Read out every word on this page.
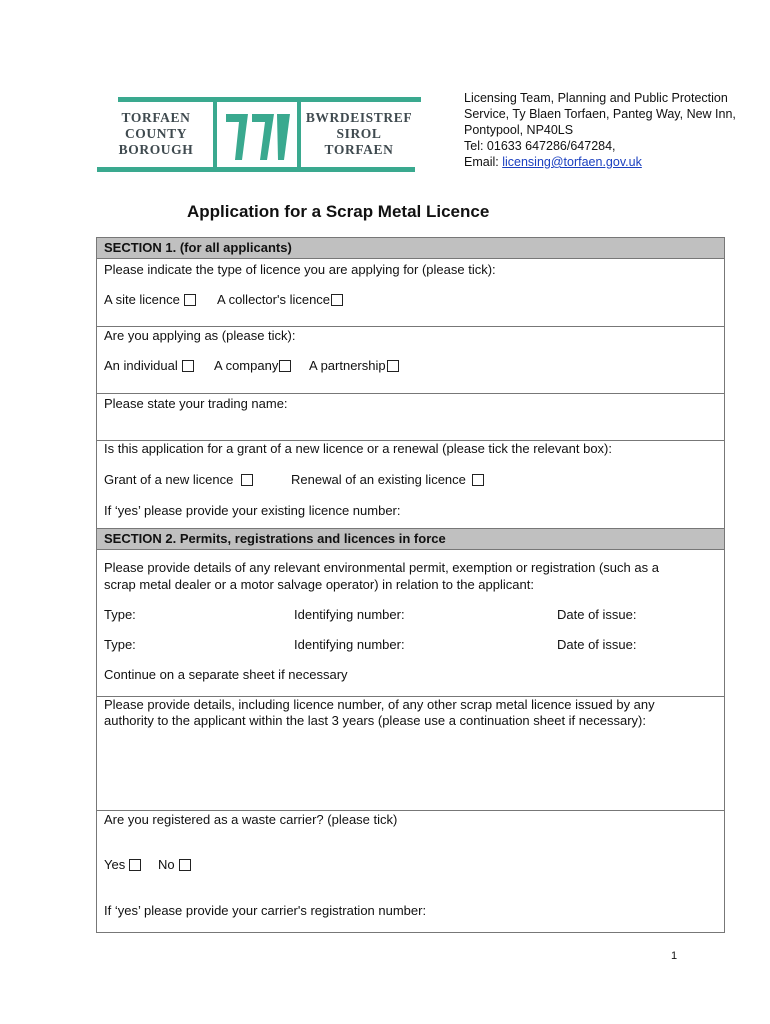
TORFAEN
COUNTY
BOROUGH
BWRDEISTREF
SIROL
TORFAEN
Licensing Team, Planning and Public Protection
Service, Ty Blaen Torfaen, Panteg Way, New Inn,
Pontypool, NP40LS
Tel: 01633 647286/647284,
Email: licensing@torfaen.gov.uk
Application for a Scrap Metal Licence
SECTION 1. (for all applicants)
Please indicate the type of licence you are applying for (please tick):
A site licence	A collector's licence
Are you applying as (please tick):
An individual	A company	A partnership
Please state your trading name:
Is this application for a grant of a new licence or a renewal (please tick the relevant box):
Grant of a new licence	Renewal of an existing licence
If ‘yes’ please provide your existing licence number:
SECTION 2. Permits, registrations and licences in force
Please provide details of any relevant environmental permit, exemption or registration (such as a
scrap metal dealer or a motor salvage operator) in relation to the applicant:
Type:	Identifying number:	Date of issue:
Type:	Identifying number:	Date of issue:
Continue on a separate sheet if necessary
Please provide details, including licence number, of any other scrap metal licence issued by any
authority to the applicant within the last 3 years (please use a continuation sheet if necessary):
Are you registered as a waste carrier? (please tick)
Yes	No
If ‘yes’ please provide your carrier's registration number:
1
